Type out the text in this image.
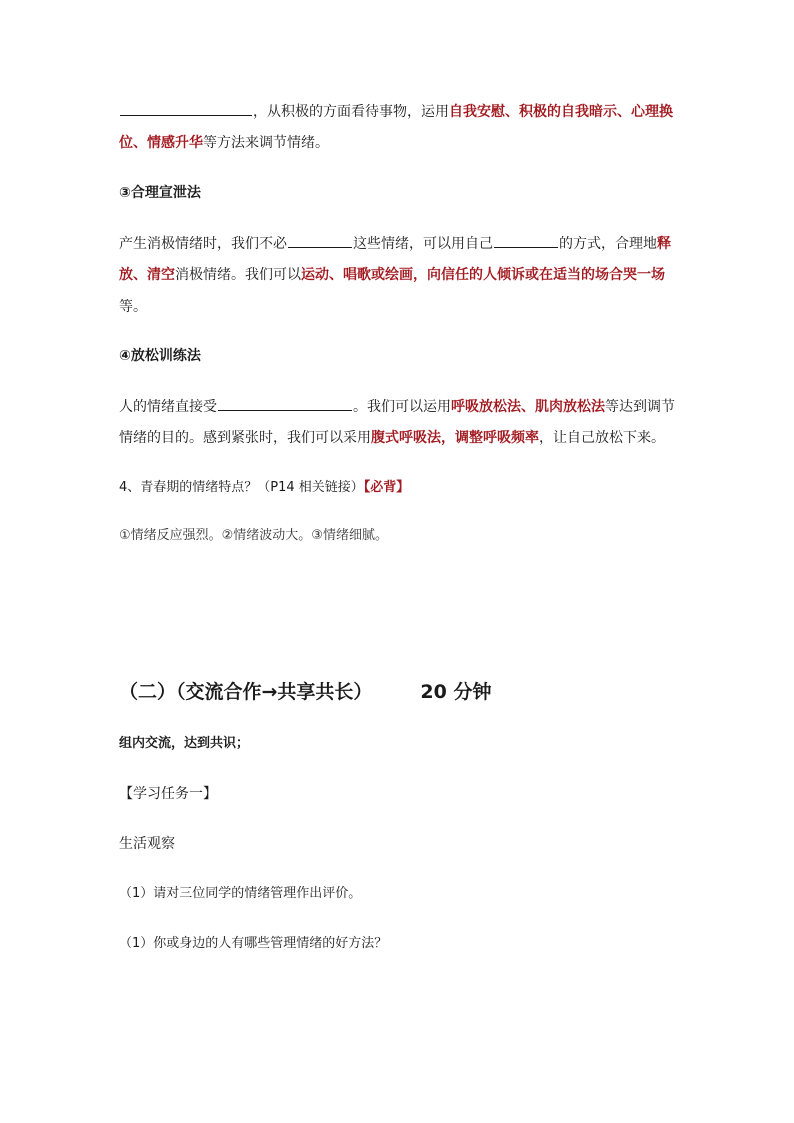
，从积极的方面看待事物，运用自我安慰、积极的自我暗示、心理换
位、情感升华等方法来调节情绪。
③合理宣泄法
产生消极情绪时，我们不必	这些情绪，可以用自己	的方式，合理地释
放、清空消极情绪。我们可以运动、唱歌或绘画，向信任的人倾诉或在适当的场合哭一场
等。
④放松训练法
人的情绪直接受	。我们可以运用呼吸放松法、肌肉放松法等达到调节
情绪的目的。感到紧张时，我们可以采用腹式呼吸法，调整呼吸频率，让自己放松下来。
4、青春期的情绪特点？（P14 相关链接）【必背】
①情绪反应强烈。②情绪波动大。③情绪细腻。
（二）（交流合作→共享共长）	20 分钟
组内交流，达到共识；
【学习任务一】
生活观察
（1）请对三位同学的情绪管理作出评价。
（1）你或身边的人有哪些管理情绪的好方法？
